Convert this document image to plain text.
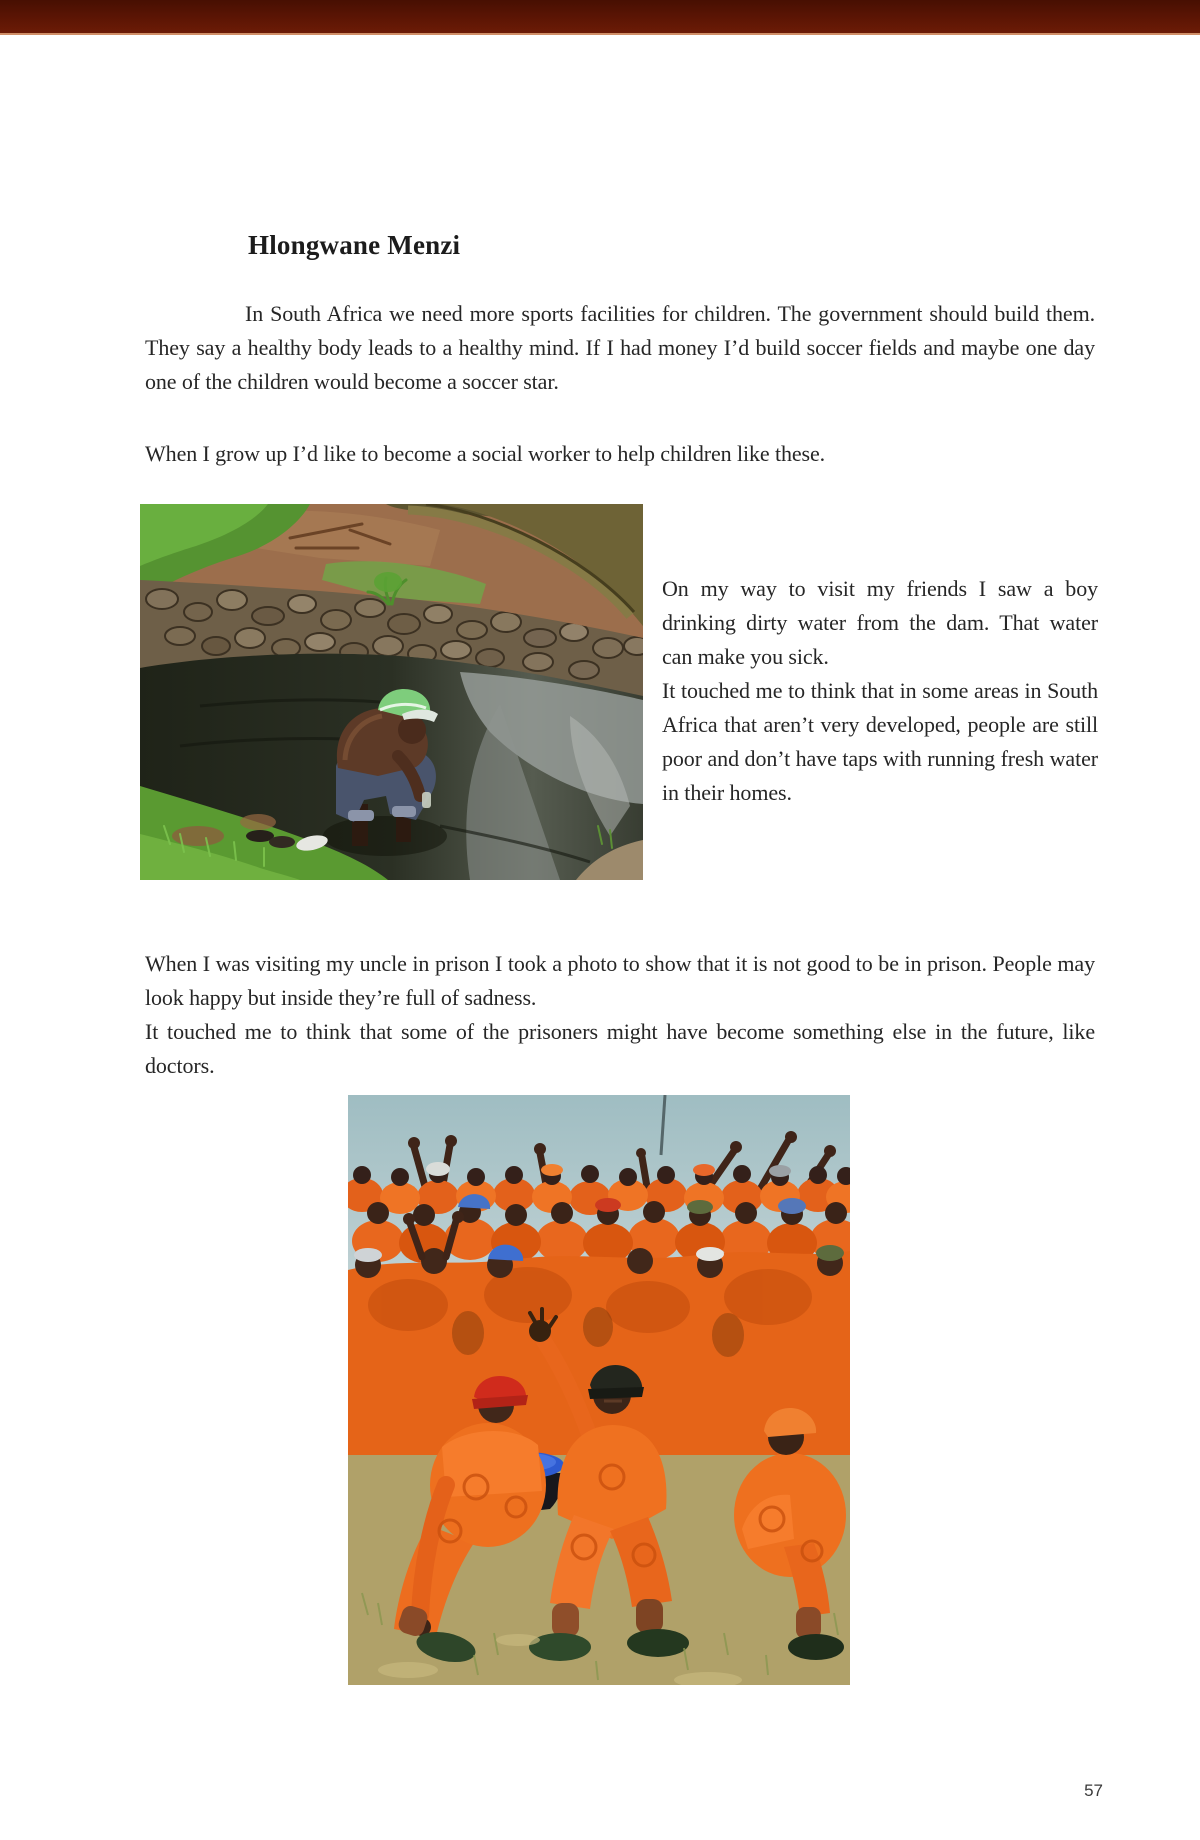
Hlongwane Menzi

In South Africa we need more sports facilities for children. The government should build them. They say a healthy body leads to a healthy mind. If I had money I’d build soccer fields and maybe one day one of the children would become a soccer star.

When I grow up I’d like to become a social worker to help children like these.

On my way to visit my friends I saw a boy drinking dirty water from the dam. That water can make you sick.

It touched me to think that in some areas in South Africa that aren’t very developed, people are still poor and don’t have taps with running fresh water in their homes.

When I was visiting my uncle in prison I took a photo to show that it is not good to be in prison. People may look happy but inside they’re full of sadness.

It touched me to think that some of the prisoners might have become something else in the future, like doctors.

57
